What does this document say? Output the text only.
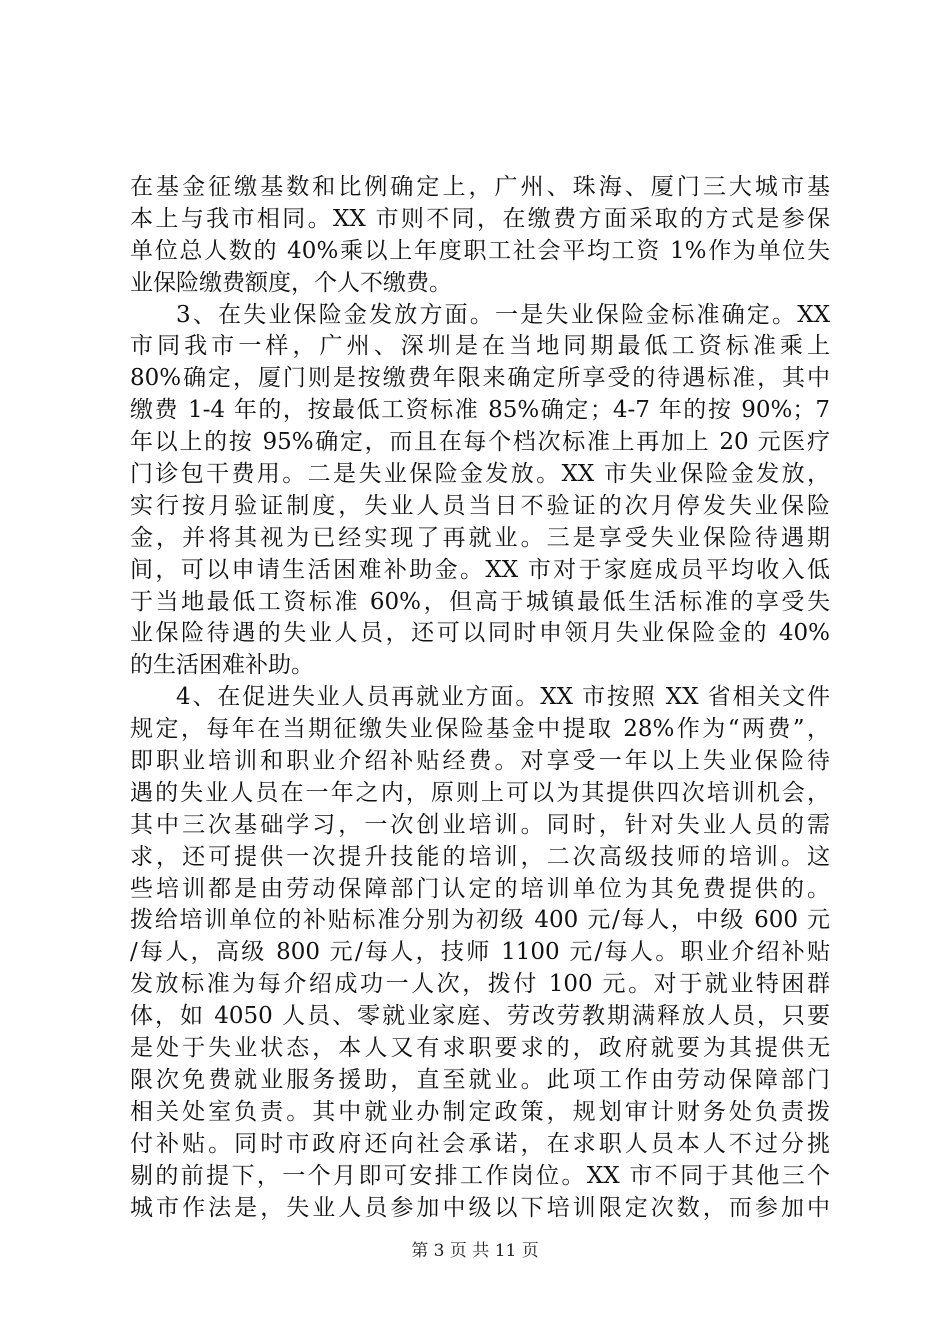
在基金征缴基数和比例确定上，广州、珠海、厦门三大城市基
本上与我市相同。XX 市则不同，在缴费方面采取的方式是参保
单位总人数的 40%乘以上年度职工社会平均工资 1%作为单位失
业保险缴费额度，个人不缴费。
3、在失业保险金发放方面。一是失业保险金标准确定。XX
市同我市一样，广州、深圳是在当地同期最低工资标准乘上
80%确定，厦门则是按缴费年限来确定所享受的待遇标准，其中
缴费 1-4 年的，按最低工资标准 85%确定；4-7 年的按 90%；7
年以上的按 95%确定，而且在每个档次标准上再加上 20 元医疗
门诊包干费用。二是失业保险金发放。XX 市失业保险金发放，
实行按月验证制度，失业人员当日不验证的次月停发失业保险
金，并将其视为已经实现了再就业。三是享受失业保险待遇期
间，可以申请生活困难补助金。XX 市对于家庭成员平均收入低
于当地最低工资标准 60%，但高于城镇最低生活标准的享受失
业保险待遇的失业人员，还可以同时申领月失业保险金的 40%
的生活困难补助。
4、在促进失业人员再就业方面。XX 市按照 XX 省相关文件
规定，每年在当期征缴失业保险基金中提取 28%作为“两费”，
即职业培训和职业介绍补贴经费。对享受一年以上失业保险待
遇的失业人员在一年之内，原则上可以为其提供四次培训机会，
其中三次基础学习，一次创业培训。同时，针对失业人员的需
求，还可提供一次提升技能的培训，二次高级技师的培训。这
些培训都是由劳动保障部门认定的培训单位为其免费提供的。
拨给培训单位的补贴标准分别为初级 400 元/每人，中级 600 元
/每人，高级 800 元/每人，技师 1100 元/每人。职业介绍补贴
发放标准为每介绍成功一人次，拨付 100 元。对于就业特困群
体，如 4050 人员、零就业家庭、劳改劳教期满释放人员，只要
是处于失业状态，本人又有求职要求的，政府就要为其提供无
限次免费就业服务援助，直至就业。此项工作由劳动保障部门
相关处室负责。其中就业办制定政策，规划审计财务处负责拨
付补贴。同时市政府还向社会承诺，在求职人员本人不过分挑
剔的前提下，一个月即可安排工作岗位。XX 市不同于其他三个
城市作法是，失业人员参加中级以下培训限定次数，而参加中
第 3 页 共 11 页
